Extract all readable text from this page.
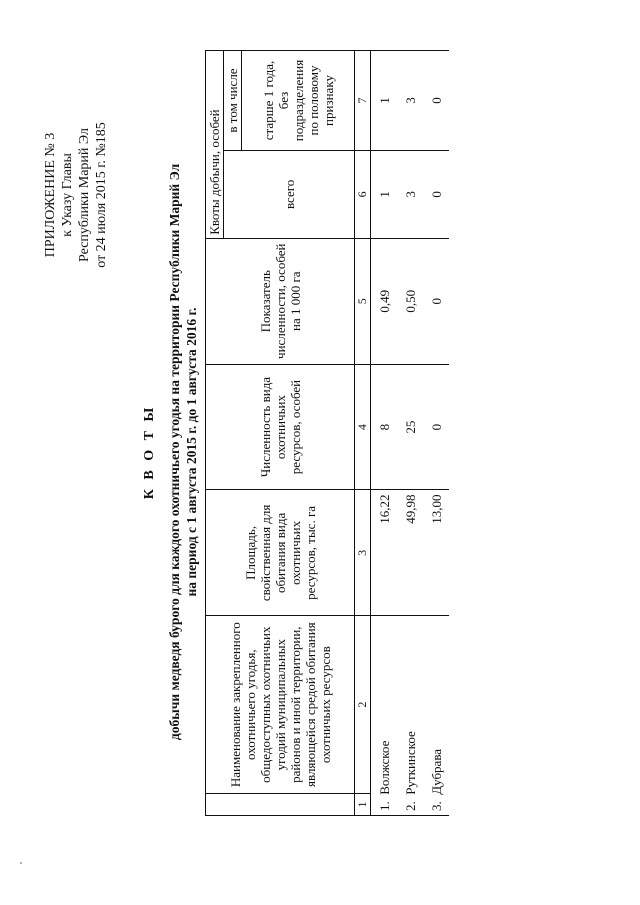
ПРИЛОЖЕНИЕ № 3 к Указу Главы Республики Марий Эл от 24 июля 2015 г. №185
К В О Т Ы добычи медведя бурого для каждого охотничьего угодья на территории Республики Марий Эл на период с 1 августа 2015 г. до 1 августа 2016 г.
	Наименование закрепленного охотничьего угодья, общедоступных охотничьих угодий муниципальных районов и иной территории, являющейся средой обитания охотничьих ресурсов	Площадь, свойственная для обитания вида охотничьих ресурсов, тыс. га	Численность вида охотничьих ресурсов, особей	Показатель численности, особей на 1 000 га	Квоты добычи, особей	
					всего	в том числе
						старше 1 года, без подразделения по половому признаку
1	2	3	4	5	6	7
1.  Волжское		16,22	8	0,49	1	1
2.  Руткинское		49,98	25	0,50	3	3
3.  Дубрава		13,00	0	0	0	0
